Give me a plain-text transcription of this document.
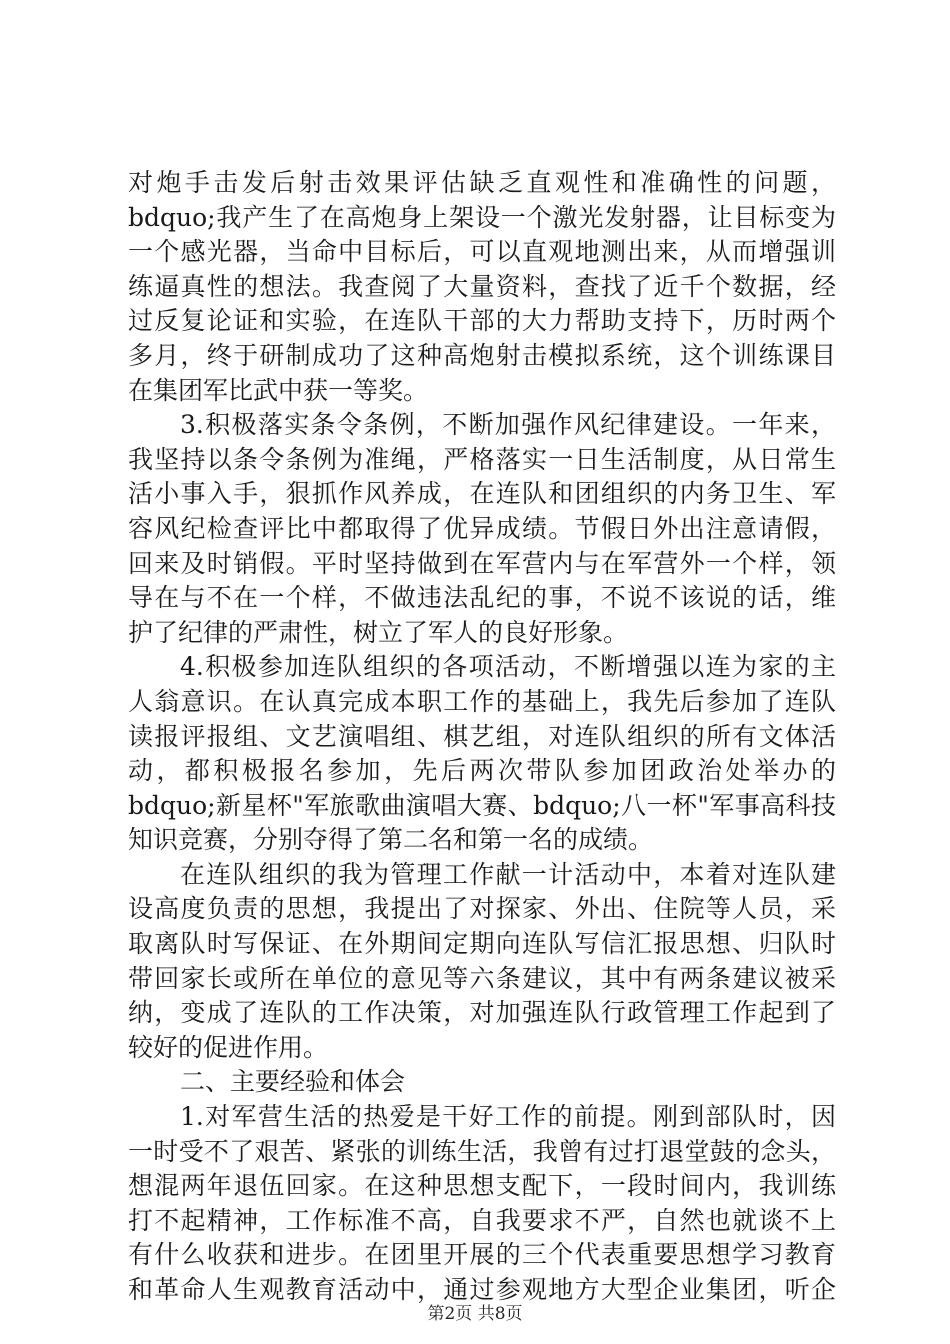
对炮手击发后射击效果评估缺乏直观性和准确性的问题，
bdquo;我产生了在高炮身上架设一个激光发射器，让目标变为
一个感光器，当命中目标后，可以直观地测出来，从而增强训
练逼真性的想法。我查阅了大量资料，查找了近千个数据，经
过反复论证和实验，在连队干部的大力帮助支持下，历时两个
多月，终于研制成功了这种高炮射击模拟系统，这个训练课目
在集团军比武中获一等奖。
3.积极落实条令条例，不断加强作风纪律建设。一年来，
我坚持以条令条例为准绳，严格落实一日生活制度，从日常生
活小事入手，狠抓作风养成，在连队和团组织的内务卫生、军
容风纪检查评比中都取得了优异成绩。节假日外出注意请假，
回来及时销假。平时坚持做到在军营内与在军营外一个样，领
导在与不在一个样，不做违法乱纪的事，不说不该说的话，维
护了纪律的严肃性，树立了军人的良好形象。
4.积极参加连队组织的各项活动，不断增强以连为家的主
人翁意识。在认真完成本职工作的基础上，我先后参加了连队
读报评报组、文艺演唱组、棋艺组，对连队组织的所有文体活
动，都积极报名参加，先后两次带队参加团政治处举办的
bdquo;新星杯"军旅歌曲演唱大赛、bdquo;八一杯"军事高科技
知识竞赛，分别夺得了第二名和第一名的成绩。
在连队组织的我为管理工作献一计活动中，本着对连队建
设高度负责的思想，我提出了对探家、外出、住院等人员，采
取离队时写保证、在外期间定期向连队写信汇报思想、归队时
带回家长或所在单位的意见等六条建议，其中有两条建议被采
纳，变成了连队的工作决策，对加强连队行政管理工作起到了
较好的促进作用。
二、主要经验和体会
1.对军营生活的热爱是干好工作的前提。刚到部队时，因
一时受不了艰苦、紧张的训练生活，我曾有过打退堂鼓的念头，
想混两年退伍回家。在这种思想支配下，一段时间内，我训练
打不起精神，工作标准不高，自我要求不严，自然也就谈不上
有什么收获和进步。在团里开展的三个代表重要思想学习教育
和革命人生观教育活动中，通过参观地方大型企业集团，听企
第2页 共8页
